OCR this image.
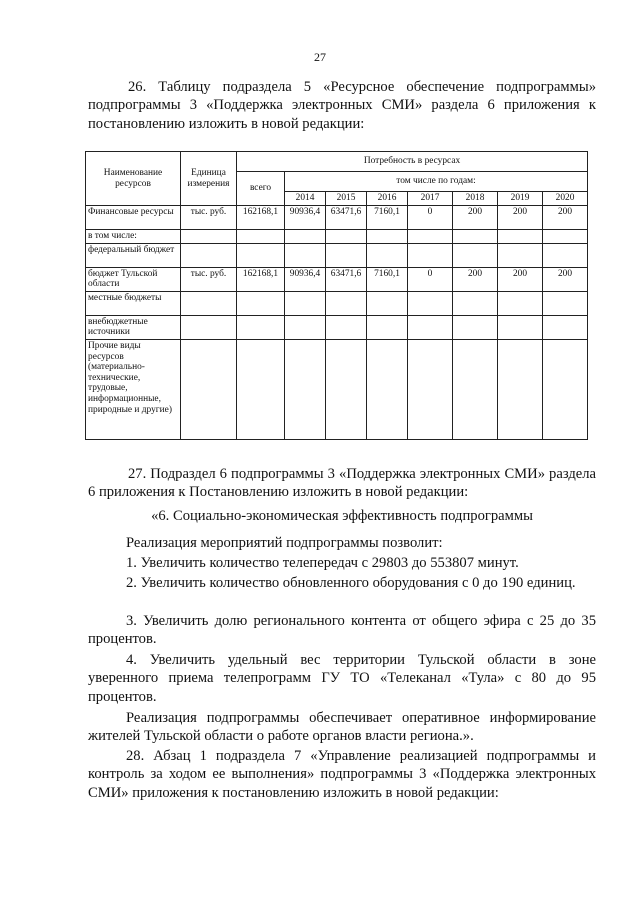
27

26. Таблицу подраздела 5 «Ресурсное обеспечение подпрограммы» подпрограммы 3 «Поддержка электронных СМИ» раздела 6 приложения к постановлению изложить в новой редакции:

Наименование ресурсов	Единица измерения	Потребность в ресурсах							
		всего	том числе по годам:						
			2014	2015	2016	2017	2018	2019	2020
Финансовые ресурсы	тыс. руб.	162168,1	90936,4	63471,6	7160,1	0	200	200	200
в том числе:									
федеральный бюджет									
бюджет Тульской области	тыс. руб.	162168,1	90936,4	63471,6	7160,1	0	200	200	200
местные бюджеты									
внебюджетные источники									
Прочие виды ресурсов (материально-технические, трудовые, информационные, природные и другие)									

27. Подраздел 6 подпрограммы 3 «Поддержка электронных СМИ» раздела 6 приложения к Постановлению изложить в новой редакции:

«6. Социально-экономическая эффективность подпрограммы

Реализация мероприятий подпрограммы позволит:

1. Увеличить количество телепередач с 29803 до 553807 минут.

2. Увеличить количество обновленного оборудования с 0 до 190 единиц.

3. Увеличить долю регионального контента от общего эфира с 25 до 35 процентов.

4. Увеличить удельный вес территории Тульской области в зоне уверенного приема телепрограмм ГУ ТО «Телеканал «Тула» с 80 до 95 процентов.

Реализация подпрограммы обеспечивает оперативное информирование жителей Тульской области о работе органов власти региона.».

28. Абзац 1 подраздела 7 «Управление реализацией подпрограммы и контроль за ходом ее выполнения» подпрограммы 3 «Поддержка электронных СМИ» приложения к постановлению изложить в новой редакции:
